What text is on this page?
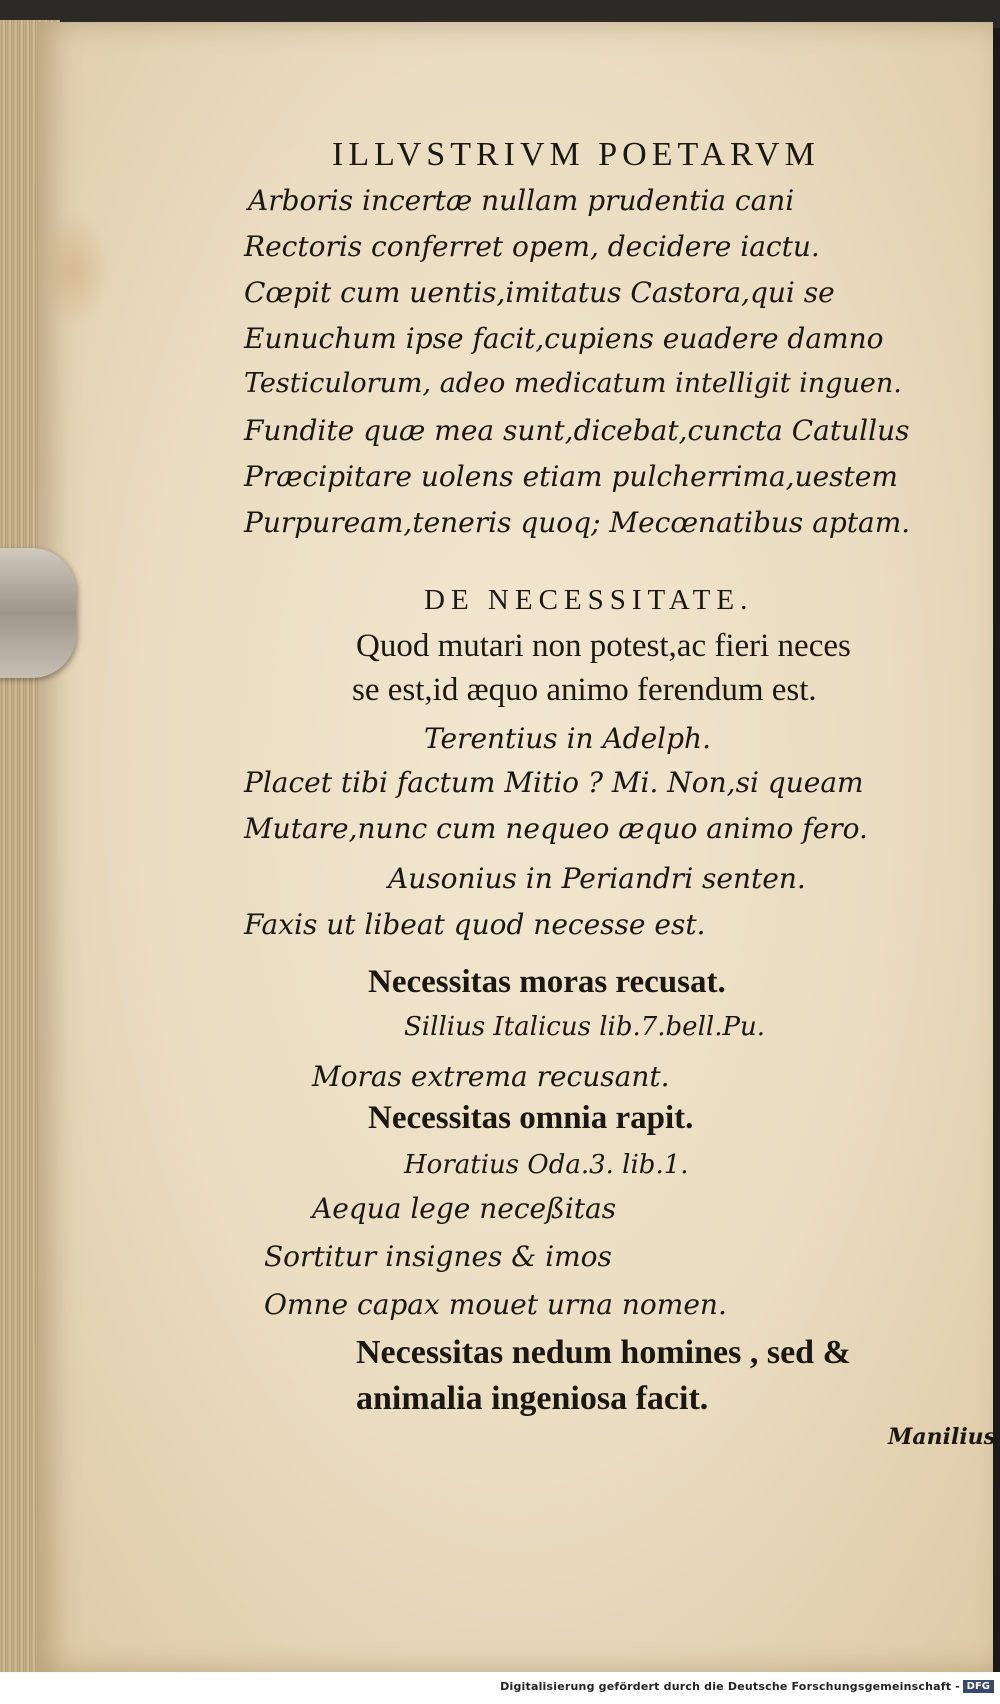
ILLVSTRIVM POETARVM
Arboris incertæ nullam prudentia cani
Rectoris conferret opem, decidere iactu.
Cœpit cum uentis,imitatus Castora,qui se
Eunuchum ipse facit,cupiens euadere damno
Testiculorum, adeo medicatum intelligit inguen.
Fundite quæ mea sunt,dicebat,cuncta Catullus
Præcipitare uolens etiam pulcherrima,uestem
Purpuream,teneris quoq; Mecœnatibus aptam.
DE NECESSITATE.
Quod mutari non potest,ac fieri neces
se est,id æquo animo ferendum est.
Terentius in Adelph.
Placet tibi factum Mitio ? Mi. Non,si queam
Mutare,nunc cum nequeo æquo animo fero.
Ausonius in Periandri senten.
Faxis ut libeat quod necesse est.
Necessitas moras recusat.
Sillius Italicus lib.7.bell.Pu.
Moras extrema recusant.
Necessitas omnia rapit.
Horatius Oda.3. lib.1.
Aequa lege neceßitas
Sortitur insignes & imos
Omne capax mouet urna nomen.
Necessitas nedum homines , sed &
animalia ingeniosa facit.
Manilius
Digitalisierung gefördert durch die Deutsche Forschungsgemeinschaft - DFG
